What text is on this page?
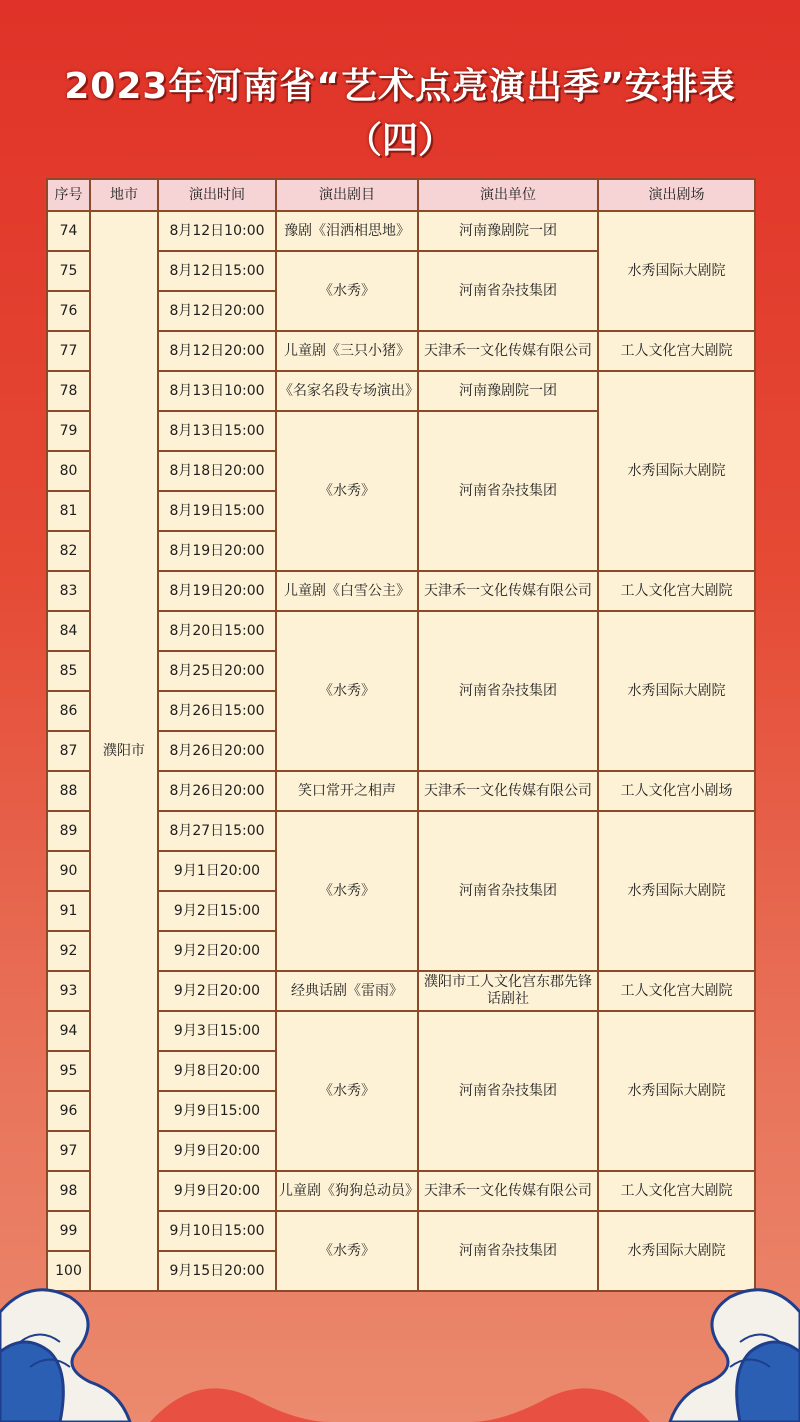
2023年河南省“艺术点亮演出季”安排表
（四）
序号	地市	演出时间	演出剧目	演出单位	演出剧场
74	濮阳市	8月12日10:00	豫剧《泪洒相思地》	河南豫剧院一团	水秀国际大剧院
75		8月12日15:00	《水秀》	河南省杂技集团	
76		8月12日20:00			
77		8月12日20:00	儿童剧《三只小猪》	天津禾一文化传媒有限公司	工人文化宫大剧院
78		8月13日10:00	《名家名段专场演出》	河南豫剧院一团	水秀国际大剧院
79		8月13日15:00	《水秀》	河南省杂技集团	
80		8月18日20:00			
81		8月19日15:00			
82		8月19日20:00			
83		8月19日20:00	儿童剧《白雪公主》	天津禾一文化传媒有限公司	工人文化宫大剧院
84		8月20日15:00	《水秀》	河南省杂技集团	水秀国际大剧院
85		8月25日20:00			
86		8月26日15:00			
87		8月26日20:00			
88		8月26日20:00	笑口常开之相声	天津禾一文化传媒有限公司	工人文化宫小剧场
89		8月27日15:00	《水秀》	河南省杂技集团	水秀国际大剧院
90		9月1日20:00			
91		9月2日15:00			
92		9月2日20:00			
93		9月2日20:00	经典话剧《雷雨》	濮阳市工人文化宫东郡先锋话剧社	工人文化宫大剧院
94		9月3日15:00	《水秀》	河南省杂技集团	水秀国际大剧院
95		9月8日20:00			
96		9月9日15:00			
97		9月9日20:00			
98		9月9日20:00	儿童剧《狗狗总动员》	天津禾一文化传媒有限公司	工人文化宫大剧院
99		9月10日15:00	《水秀》	河南省杂技集团	水秀国际大剧院
100		9月15日20:00			
